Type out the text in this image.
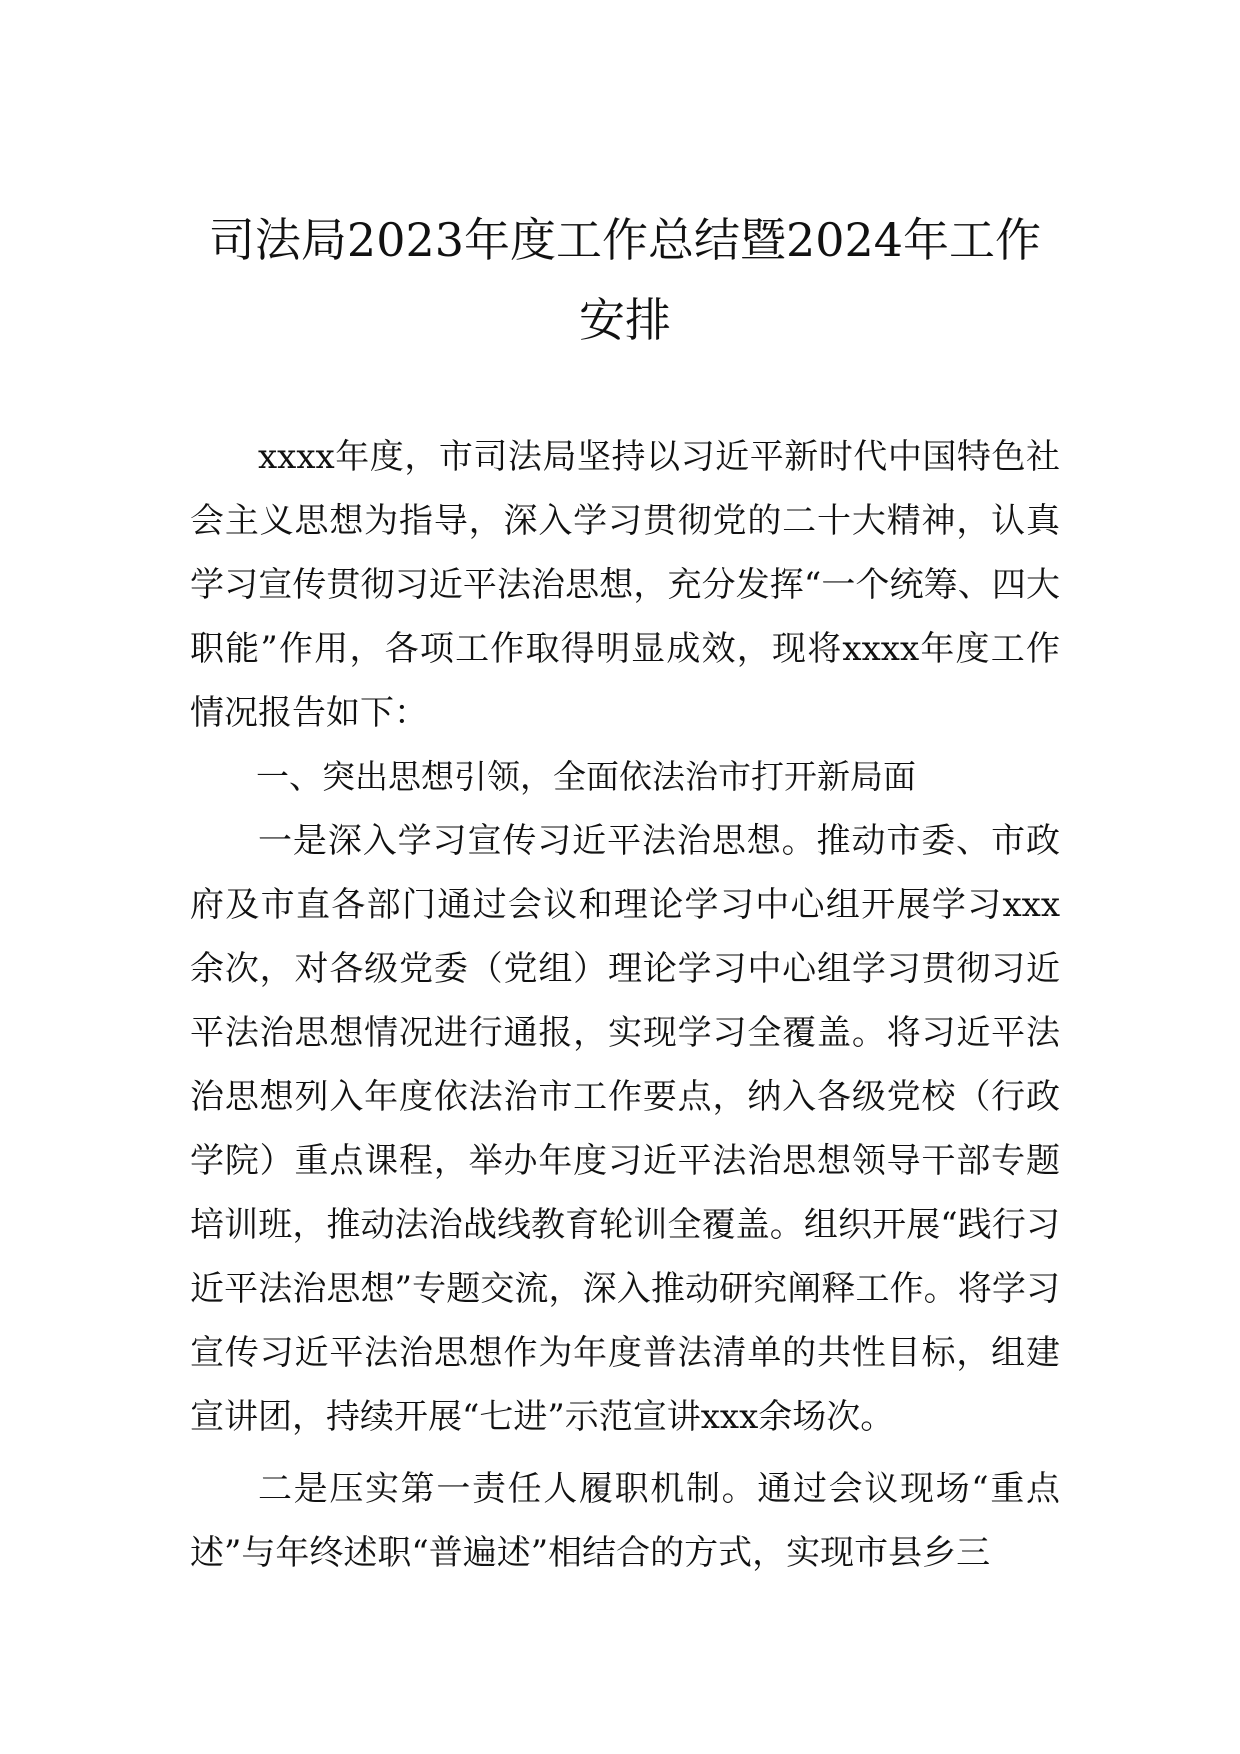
司法局2023年度工作总结暨2024年工作安排

xxxx年度，市司法局坚持以习近平新时代中国特色社会主义思想为指导，深入学习贯彻党的二十大精神，认真学习宣传贯彻习近平法治思想，充分发挥“一个统筹、四大职能”作用，各项工作取得明显成效，现将xxxx年度工作情况报告如下：

一、突出思想引领，全面依法治市打开新局面

一是深入学习宣传习近平法治思想。推动市委、市政府及市直各部门通过会议和理论学习中心组开展学习xxx余次，对各级党委（党组）理论学习中心组学习贯彻习近平法治思想情况进行通报，实现学习全覆盖。将习近平法治思想列入年度依法治市工作要点，纳入各级党校（行政学院）重点课程，举办年度习近平法治思想领导干部专题培训班，推动法治战线教育轮训全覆盖。组织开展“践行习近平法治思想”专题交流，深入推动研究阐释工作。将学习宣传习近平法治思想作为年度普法清单的共性目标，组建宣讲团，持续开展“七进”示范宣讲xxx余场次。

二是压实第一责任人履职机制。通过会议现场“重点述”与年终述职“普遍述”相结合的方式，实现市县乡三
